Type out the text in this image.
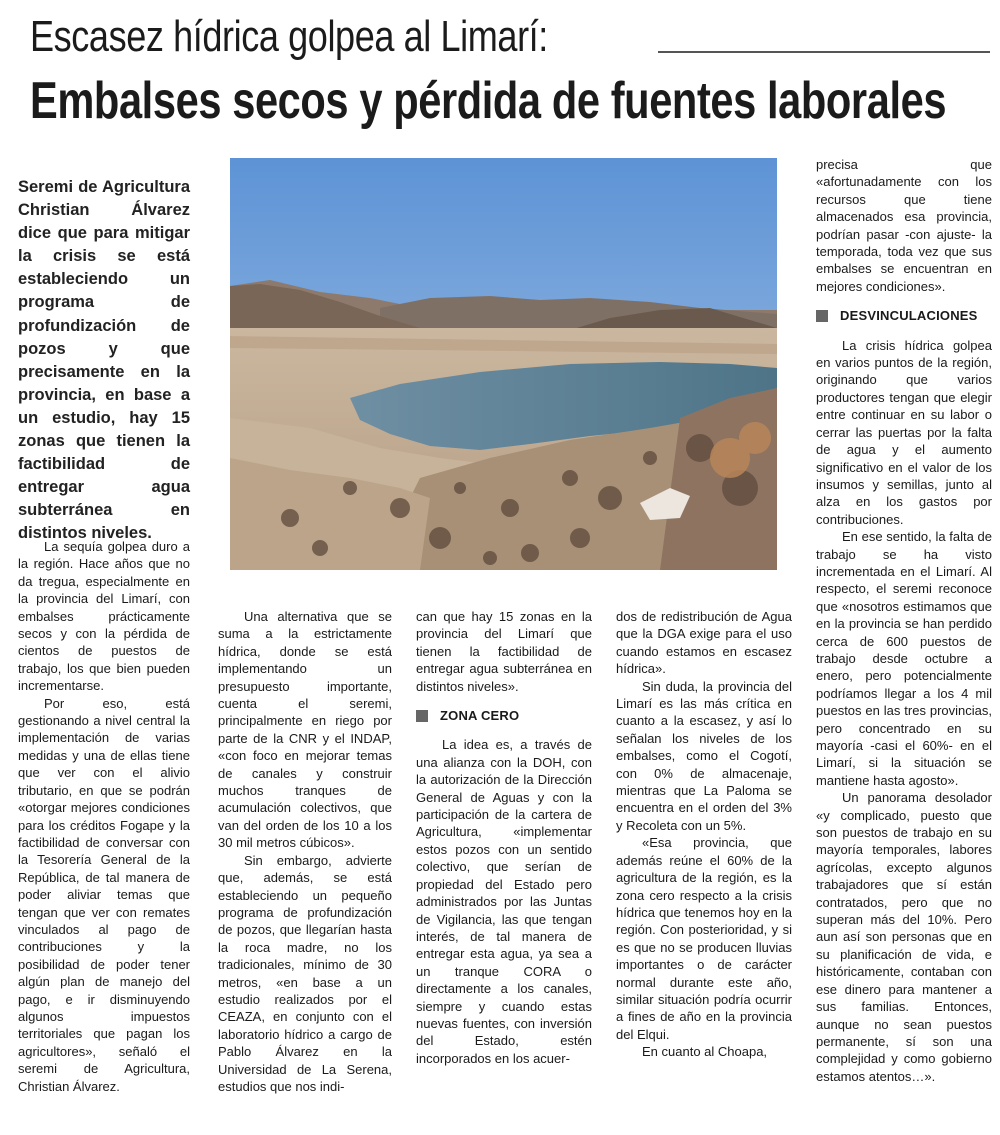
Escasez hídrica golpea al Limarí:
Embalses secos y pérdida de fuentes laborales
Seremi de Agricultura Christian Álvarez dice que para mitigar la crisis se está estableciendo un programa de profundización de pozos y que precisamente en la provincia, en base a un estudio, hay 15 zonas que tienen la factibilidad de entregar agua subterránea en distintos niveles.

La sequía golpea duro a la región. Hace años que no da tregua, especialmente en la provincia del Limarí, con embalses prácticamente secos y con la pérdida de cientos de puestos de trabajo, los que bien pueden incrementarse.

Por eso, está gestionando a nivel central la implementación de varias medidas y una de ellas tiene que ver con el alivio tributario, en que se podrán «otorgar mejores condiciones para los créditos Fogape y la factibilidad de conversar con la Tesorería General de la República, de tal manera de poder aliviar temas que tengan que ver con remates vinculados al pago de contribuciones y la posibilidad de poder tener algún plan de manejo del pago, e ir disminuyendo algunos impuestos territoriales que pagan los agricultores», señaló el seremi de Agricultura, Christian Álvarez.

Una alternativa que se suma a la estrictamente hídrica, donde se está implementando un presupuesto importante, cuenta el seremi, principalmente en riego por parte de la CNR y el INDAP, «con foco en mejorar temas de canales y construir muchos tranques de acumulación colectivos, que van del orden de los 10 a los 30 mil metros cúbicos».

Sin embargo, advierte que, además, se está estableciendo un pequeño programa de profundización de pozos, que llegarían hasta la roca madre, no los tradicionales, mínimo de 30 metros, «en base a un estudio realizados por el CEAZA, en conjunto con el laboratorio hídrico a cargo de Pablo Álvarez en la Universidad de La Serena, estudios que nos indi-

can que hay 15 zonas en la provincia del Limarí que tienen la factibilidad de entregar agua subterránea en distintos niveles».

ZONA CERO

La idea es, a través de una alianza con la DOH, con la autorización de la Dirección General de Aguas y con la participación de la cartera de Agricultura, «implementar estos pozos con un sentido colectivo, que serían de propiedad del Estado pero administrados por las Juntas de Vigilancia, las que tengan interés, de tal manera de entregar esta agua, ya sea a un tranque CORA o directamente a los canales, siempre y cuando estas nuevas fuentes, con inversión del Estado, estén incorporados en los acuer-

dos de redistribución de Agua que la DGA exige para el uso cuando estamos en escasez hídrica».

Sin duda, la provincia del Limarí es las más crítica en cuanto a la escasez, y así lo señalan los niveles de los embalses, como el Cogotí, con 0% de almacenaje, mientras que La Paloma se encuentra en el orden del 3% y Recoleta con un 5%.

«Esa provincia, que además reúne el 60% de la agricultura de la región, es la zona cero respecto a la crisis hídrica que tenemos hoy en la región. Con posterioridad, y si es que no se producen lluvias importantes o de carácter normal durante este año, similar situación podría ocurrir a fines de año en la provincia del Elqui.

En cuanto al Choapa,

precisa que «afortunadamente con los recursos que tiene almacenados esa provincia, podrían pasar -con ajuste- la temporada, toda vez que sus embalses se encuentran en mejores condiciones».

DESVINCULACIONES

La crisis hídrica golpea en varios puntos de la región, originando que varios productores tengan que elegir entre continuar en su labor o cerrar las puertas por la falta de agua y el aumento significativo en el valor de los insumos y semillas, junto al alza en los gastos por contribuciones.

En ese sentido, la falta de trabajo se ha visto incrementada en el Limarí. Al respecto, el seremi reconoce que «nosotros estimamos que en la provincia se han perdido cerca de 600 puestos de trabajo desde octubre a enero, pero potencialmente podríamos llegar a los 4 mil puestos en las tres provincias, pero concentrado en su mayoría -casi el 60%- en el Limarí, si la situación se mantiene hasta agosto».

Un panorama desolador «y complicado, puesto que son puestos de trabajo en su mayoría temporales, labores agrícolas, excepto algunos trabajadores que sí están contratados, pero que no superan más del 10%. Pero aun así son personas que en su planificación de vida, e históricamente, contaban con ese dinero para mantener a sus familias. Entonces, aunque no sean puestos permanente, sí son una complejidad y como gobierno estamos atentos…».
